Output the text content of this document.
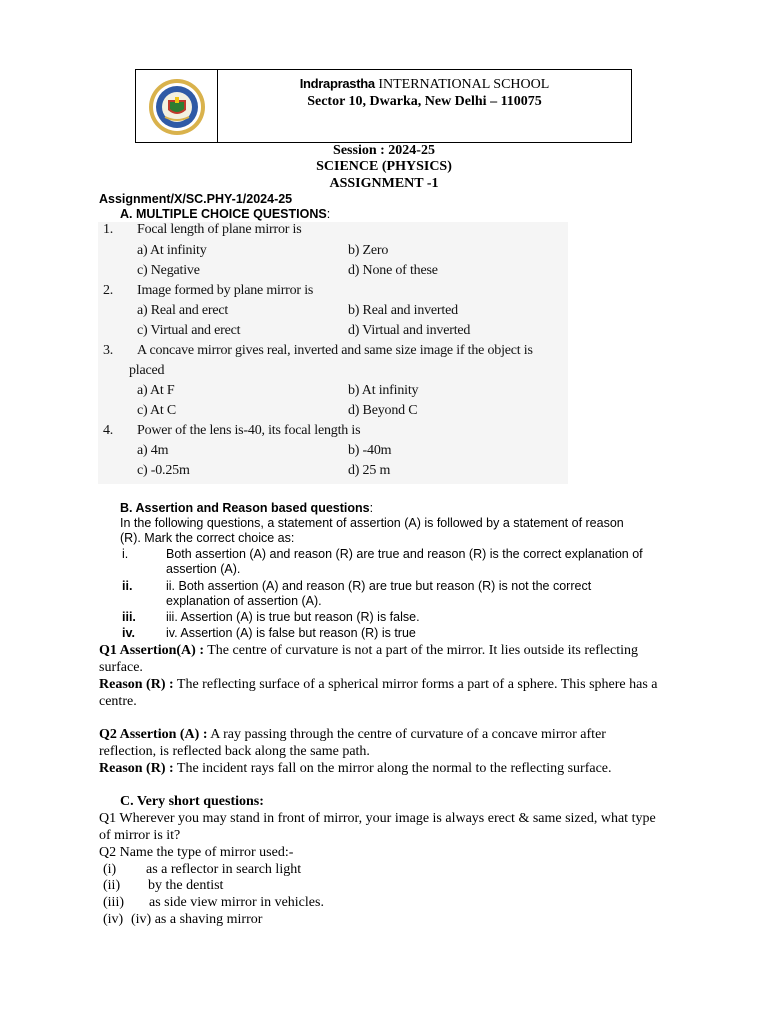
Indraprastha INTERNATIONAL SCHOOL
Sector 10, Dwarka, New Delhi – 110075
Session : 2024-25
SCIENCE (PHYSICS)
ASSIGNMENT -1
Assignment/X/SC.PHY-1/2024-25
A. MULTIPLE CHOICE QUESTIONS:
1. Focal length of plane mirror is
a) At infinity	b) Zero
c) Negative	d) None of these
2. Image formed by plane mirror is
a) Real and erect	b) Real and inverted
c) Virtual and erect	d) Virtual and inverted
3. A concave mirror gives real, inverted and same size image if the object is
placed
a) At F	b) At infinity
c) At C	d) Beyond C
4. Power of the lens is-40, its focal length is
a) 4m	b) -40m
c) -0.25m	d) 25 m
B. Assertion and Reason based questions:
In the following questions, a statement of assertion (A) is followed by a statement of reason
(R). Mark the correct choice as:
i.	Both assertion (A) and reason (R) are true and reason (R) is the correct explanation of
assertion (A).
ii.	ii. Both assertion (A) and reason (R) are true but reason (R) is not the correct
explanation of assertion (A).
iii. iii. Assertion (A) is true but reason (R) is false.
iv. iv. Assertion (A) is false but reason (R) is true
Q1 Assertion(A) : The centre of curvature is not a part of the mirror. It lies outside its reflecting
surface.
Reason (R) : The reflecting surface of a spherical mirror forms a part of a sphere. This sphere has a
centre.
Q2 Assertion (A) : A ray passing through the centre of curvature of a concave mirror after
reflection, is reflected back along the same path.
Reason (R) : The incident rays fall on the mirror along the normal to the reflecting surface.
C. Very short questions:
Q1 Wherever you may stand in front of mirror, your image is always erect & same sized, what type
of mirror is it?
Q2 Name the type of mirror used:-
(i) as a reflector in search light
(ii) by the dentist
(iii) as side view mirror in vehicles.
(iv) (iv) as a shaving mirror
